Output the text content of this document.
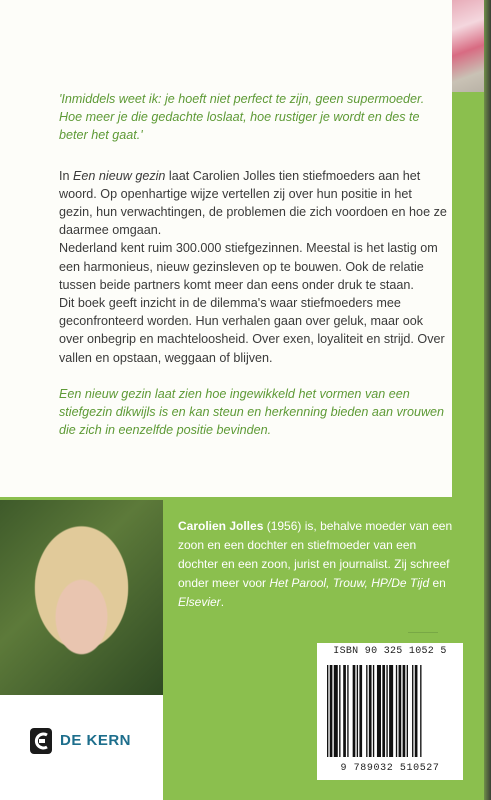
'Inmiddels weet ik: je hoeft niet perfect te zijn, geen supermoeder. Hoe meer je die gedachte loslaat, hoe rustiger je wordt en des te beter het gaat.'

In Een nieuw gezin laat Carolien Jolles tien stiefmoeders aan het woord. Op openhartige wijze vertellen zij over hun positie in het gezin, hun verwachtingen, de problemen die zich voordoen en hoe ze daarmee omgaan.

Nederland kent ruim 300.000 stiefgezinnen. Meestal is het lastig om een harmonieus, nieuw gezinsleven op te bouwen. Ook de relatie tussen beide partners komt meer dan eens onder druk te staan.

Dit boek geeft inzicht in de dilemma's waar stiefmoeders mee geconfronteerd worden. Hun verhalen gaan over geluk, maar ook over onbegrip en machteloosheid. Over exen, loyaliteit en strijd. Over vallen en opstaan, weggaan of blijven.

Een nieuw gezin laat zien hoe ingewikkeld het vormen van een stiefgezin dikwijls is en kan steun en herkenning bieden aan vrouwen die zich in eenzelfde positie bevinden.

Carolien Jolles (1956) is, behalve moeder van een zoon en een dochter en stiefmoeder van een dochter en een zoon, jurist en journalist. Zij schreef onder meer voor Het Parool, Trouw, HP/De Tijd en Elsevier.
DE KERN
ISBN 90 325 1052 5
9 789032 510527
